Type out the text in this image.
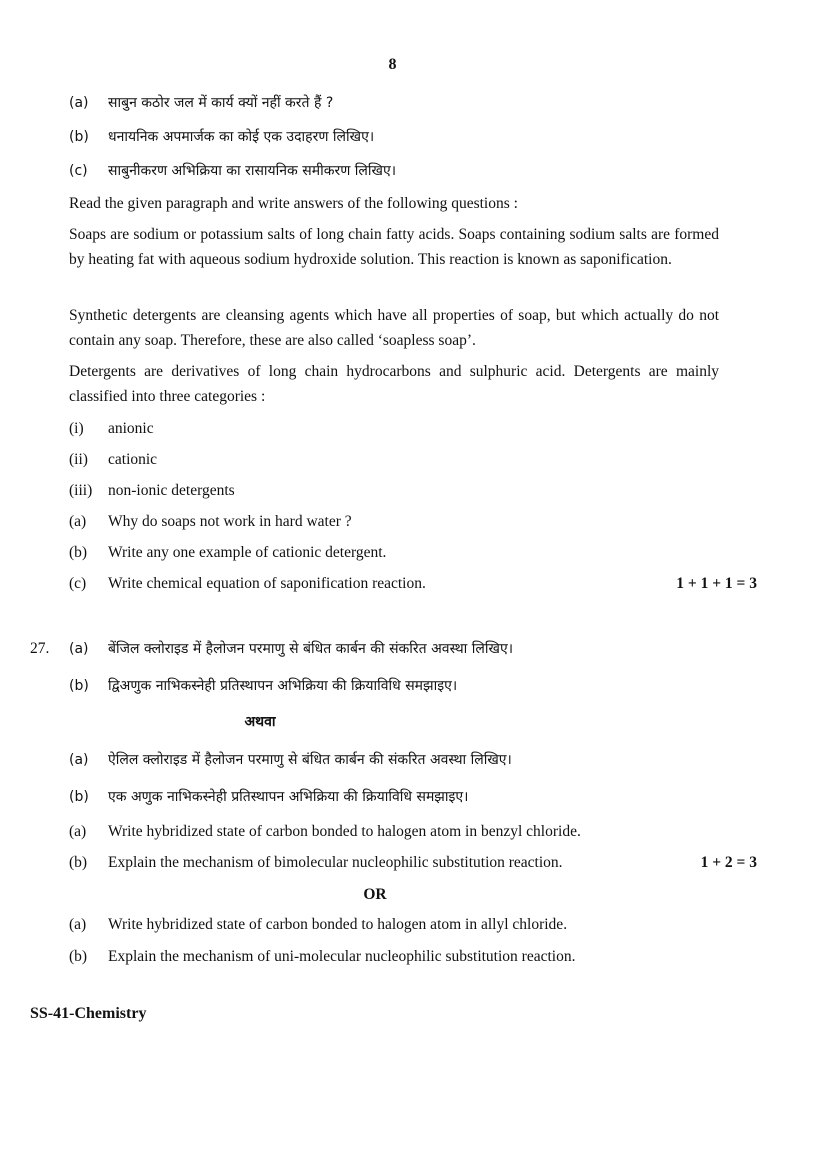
8
(a) साबुन कठोर जल में कार्य क्यों नहीं करते हैं ?
(b) धनायनिक अपमार्जक का कोई एक उदाहरण लिखिए।
(c) साबुनीकरण अभिक्रिया का रासायनिक समीकरण लिखिए।
Read the given paragraph and write answers of the following questions :
Soaps are sodium or potassium salts of long chain fatty acids. Soaps containing sodium salts are formed by heating fat with aqueous sodium hydroxide solution. This reaction is known as saponification.
Synthetic detergents are cleansing agents which have all properties of soap, but which actually do not contain any soap. Therefore, these are also called ‘soapless soap’.
Detergents are derivatives of long chain hydrocarbons and sulphuric acid. Detergents are mainly classified into three categories :
(i) anionic
(ii) cationic
(iii) non-ionic detergents
(a) Why do soaps not work in hard water ?
(b) Write any one example of cationic detergent.
(c) Write chemical equation of saponification reaction.	1 + 1 + 1 = 3
27. (a) बेंजिल क्लोराइड में हैलोजन परमाणु से बंधित कार्बन की संकरित अवस्था लिखिए।
(b) द्विअणुक नाभिकस्नेही प्रतिस्थापन अभिक्रिया की क्रियाविधि समझाइए।
अथवा
(a) ऐलिल क्लोराइड में हैलोजन परमाणु से बंधित कार्बन की संकरित अवस्था लिखिए।
(b) एक अणुक नाभिकस्नेही प्रतिस्थापन अभिक्रिया की क्रियाविधि समझाइए।
(a) Write hybridized state of carbon bonded to halogen atom in benzyl chloride.
(b) Explain the mechanism of bimolecular nucleophilic substitution reaction.	1 + 2 = 3
OR
(a) Write hybridized state of carbon bonded to halogen atom in allyl chloride.
(b) Explain the mechanism of uni-molecular nucleophilic substitution reaction.
SS-41-Chemistry
